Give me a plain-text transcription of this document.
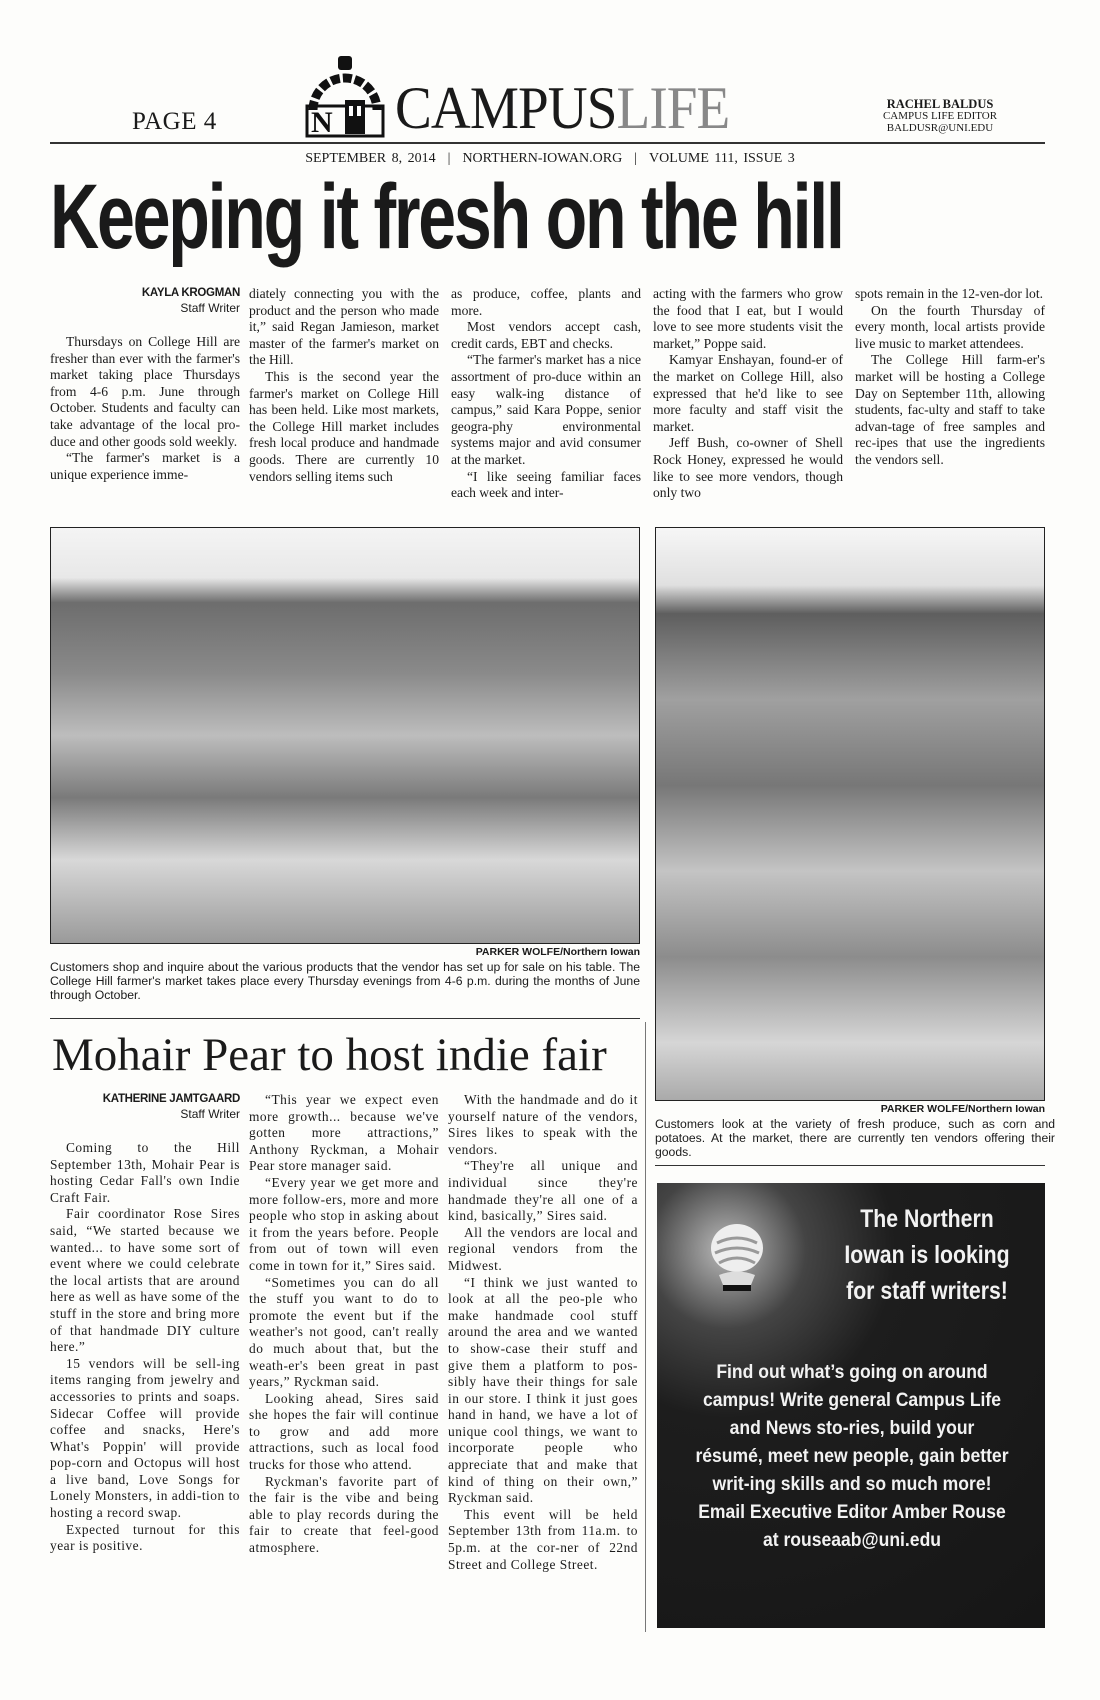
PAGE 4	N CAMPUSLIFE	RACHEL BALDUS
CAMPUS LIFE EDITOR
BALDUSR@UNI.EDU
SEPTEMBER 8, 2014 | NORTHERN-IOWAN.ORG | VOLUME 111, ISSUE 3
Keeping it fresh on the hill
KAYLA KROGMAN
Staff Writer

Thursdays on College Hill are fresher than ever with the farmer's market taking place Thursdays from 4-6 p.m. June through October. Students and faculty can take advantage of the local pro-duce and other goods sold weekly.

“The farmer's market is a unique experience imme-

diately connecting you with the product and the person who made it,” said Regan Jamieson, market master of the farmer's market on the Hill.

This is the second year the farmer's market on College Hill has been held. Like most markets, the College Hill market includes fresh local produce and handmade goods. There are currently 10 vendors selling items such

as produce, coffee, plants and more.

Most vendors accept cash, credit cards, EBT and checks.

“The farmer's market has a nice assortment of pro-duce within an easy walk-ing distance of campus,” said Kara Poppe, senior geogra-phy environmental systems major and avid consumer at the market.

“I like seeing familiar faces each week and inter-

acting with the farmers who grow the food that I eat, but I would love to see more students visit the market,” Poppe said.

Kamyar Enshayan, found-er of the market on College Hill, also expressed that he'd like to see more faculty and staff visit the market.

Jeff Bush, co-owner of Shell Rock Honey, expressed he would like to see more vendors, though only two

spots remain in the 12-ven-dor lot.

On the fourth Thursday of every month, local artists provide live music to market attendees.

The College Hill farm-er's market will be hosting a College Day on September 11th, allowing students, fac-ulty and staff to take advan-tage of free samples and rec-ipes that use the ingredients the vendors sell.

PARKER WOLFE/Northern Iowan
Customers shop and inquire about the various products that the vendor has set up for sale on his table. The College Hill farmer's market takes place every Thursday evenings from 4-6 p.m. during the months of June through October.
PARKER WOLFE/Northern Iowan
Customers look at the variety of fresh produce, such as corn and potatoes. At the market, there are currently ten vendors offering their goods.
Mohair Pear to host indie fair
KATHERINE JAMTGAARD
Staff Writer

Coming to the Hill September 13th, Mohair Pear is hosting Cedar Fall's own Indie Craft Fair.

Fair coordinator Rose Sires said, “We started because we wanted... to have some sort of event where we could celebrate the local artists that are around here as well as have some of the stuff in the store and bring more of that handmade DIY culture here.”

15 vendors will be sell-ing items ranging from jewelry and accessories to prints and soaps. Sidecar Coffee will provide coffee and snacks, Here's What's Poppin' will provide pop-corn and Octopus will host a live band, Love Songs for Lonely Monsters, in addi-tion to hosting a record swap.

Expected turnout for this year is positive.

“This year we expect even more growth... because we've gotten more attractions,” Anthony Ryckman, a Mohair Pear store manager said.

“Every year we get more and more follow-ers, more and more people who stop in asking about it from the years before. People from out of town will even come in town for it,” Sires said.

“Sometimes you can do all the stuff you want to do to promote the event but if the weather's not good, can't really do much about that, but the weath-er's been great in past years,” Ryckman said.

Looking ahead, Sires said she hopes the fair will continue to grow and add more attractions, such as local food trucks for those who attend.

Ryckman's favorite part of the fair is the vibe and being able to play records during the fair to create that feel-good atmosphere.

With the handmade and do it yourself nature of the vendors, Sires likes to speak with the vendors.

“They're all unique and individual since they're handmade they're all one of a kind, basically,” Sires said.

All the vendors are local and regional vendors from the Midwest.

“I think we just wanted to look at all the peo-ple who make handmade cool stuff around the area and we wanted to show-case their stuff and give them a platform to pos-sibly have their things for sale in our store. I think it just goes hand in hand, we have a lot of unique cool things, we want to incorporate people who appreciate that and make that kind of thing on their own,” Ryckman said.

This event will be held September 13th from 11a.m. to 5p.m. at the cor-ner of 22nd Street and College Street.

The Northern Iowan is looking for staff writers!
Find out what’s going on around campus! Write general Campus Life and News sto-ries, build your résumé, meet new people, gain better writ-ing skills and so much more! Email Executive Editor Amber Rouse at rouseaab@uni.edu
